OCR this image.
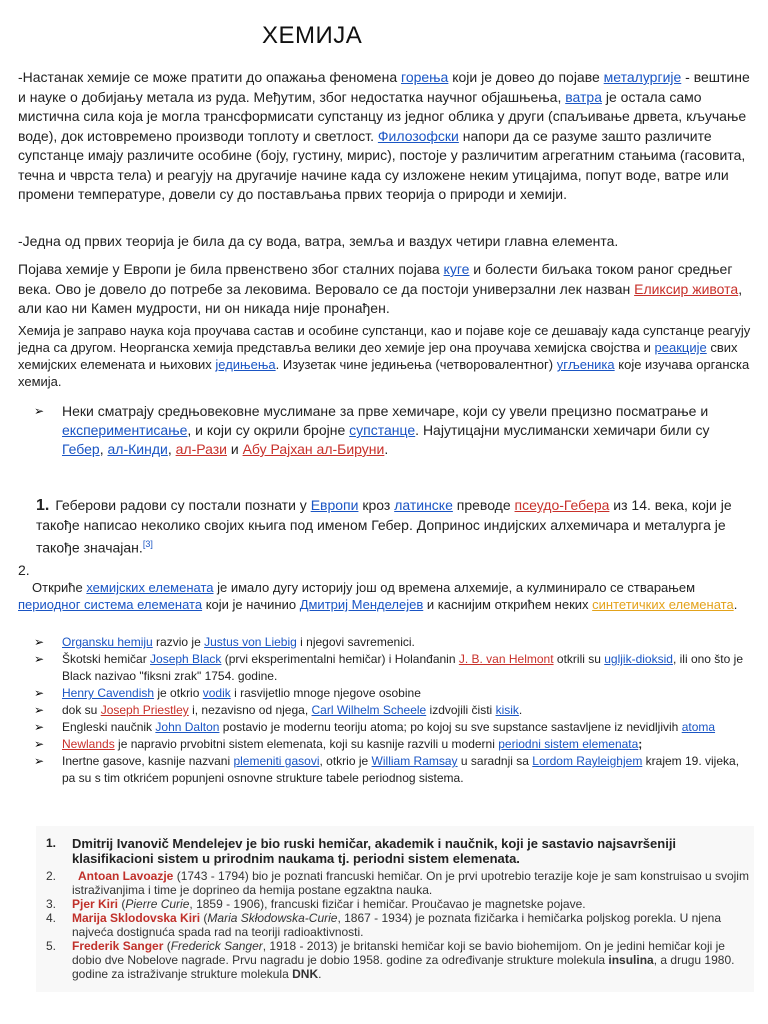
ХЕМИЈА
-Настанак хемије се може пратити до опажања феномена горења који је довео до појаве металургије - вештине и науке о добијању метала из руда. Међутим, због недостатка научног објашњења, ватра је остала само мистична сила која је могла трансформисати супстанцу из једног облика у други (спаљивање дрвета, кључање воде), док истовремено производи топлоту и светлост. Филозофски напори да се разуме зашто различите супстанце имају различите особине (боју, густину, мирис), постоје у различитим агрегатним стањима (гасовита, течна и чврста тела) и реагују на другачије начине када су изложене неким утицајима, попут воде, ватре или промени температуре, довели су до постављања првих теорија о природи и хемији.
-Једна од првих теорија је била да су вода, ватра, земља и ваздух четири главна елемента.
Појава хемије у Европи је била првенствено због сталних појава куге и болести биљака током раног средњег века. Ово је довело до потребе за лековима. Веровало се да постоји универзални лек назван Еликсир живота, али као ни Камен мудрости, ни он никада није пронађен.
Хемија је заправо наука која проучава састав и особине супстанци, као и појаве које се дешавају када супстанце реагују једна са другом. Неорганска хемија представља велики део хемије јер она проучава хемијска својства и реакције свих хемијских елемената и њихових једињења. Изузетак чине једињења (четворовалентног) угљеника које изучава органска хемија.
➢ Неки сматрају средњовековне муслимане за прве хемичаре, који су увели прецизно посматрање и експериментисање, и који су окрили бројне супстанце. Најутицајни муслимански хемичари били су Гебер, ал-Кинди, ал-Рази и Абу Рајхан ал-Бируни.
1. Геберови радови су постали познати у Европи кроз латинске преводе псеудо-Гебера из 14. века, који је такође написао неколико својих књига под именом Гебер. Допринос индијских алхемичара и металурга је такође значајан.[3]
2.
Откриће хемијских елемената је имало дугу историју још од времена алхемије, а кулминирало се стварањем периодног система елемената који је начинио Дмитриј Менделејев и каснијим открићем неких синтетичких елемената.
➢ Organsku hemiju razvio je Justus von Liebig i njegovi savremenici.
➢ Škotski hemičar Joseph Black (prvi eksperimentalni hemičar) i Holanđanin J. B. van Helmont otkrili su ugljik-dioksid, ili ono što je Black nazivao "fiksni zrak" 1754. godine.
➢ Henry Cavendish je otkrio vodik i rasvijetlio mnoge njegove osobine
➢ dok su Joseph Priestley i, nezavisno od njega, Carl Wilhelm Scheele izdvojili čisti kisik.
➢ Engleski naučnik John Dalton postavio je modernu teoriju atoma; po kojoj su sve supstance sastavljene iz nevidljivih atoma
➢ Newlands je napravio prvobitni sistem elemenata, koji su kasnije razvili u moderni periodni sistem elemenata;
➢ Inertne gasove, kasnije nazvani plemeniti gasovi, otkrio je William Ramsay u saradnji sa Lordom Rayleighjem krajem 19. vijeka, pa su s tim otkrićem popunjeni osnovne strukture tabele periodnog sistema.
1. Dmitrij Ivanovič Mendelejev je bio ruski hemičar, akademik i naučnik, koji je sastavio najsavršeniji klasifikacioni sistem u prirodnim naukama tj. periodni sistem elemenata.
2. Antoan Lavoazje (1743 - 1794) bio je poznati francuski hemičar. On je prvi upotrebio terazije koje je sam konstruisao u svojim istraživanjima i time je doprineo da hemija postane egzaktna nauka.
3. Pjer Kiri (Pierre Curie, 1859 - 1906), francuski fizičar i hemičar. Proučavao je magnetske pojave.
4. Marija Sklodovska Kiri (Maria Skłodowska-Curie, 1867 - 1934) je poznata fizičarka i hemičarka poljskog porekla. U njena najveća dostignuća spada rad na teoriji radioaktivnosti.
5. Frederik Sanger (Frederick Sanger, 1918 - 2013) je britanski hemičar koji se bavio biohemijom. On je jedini hemičar koji je dobio dve Nobelove nagrade. Prvu nagradu je dobio 1958. godine za određivanje strukture molekula insulina, a drugu 1980. godine za istraživanje strukture molekula DNK.
